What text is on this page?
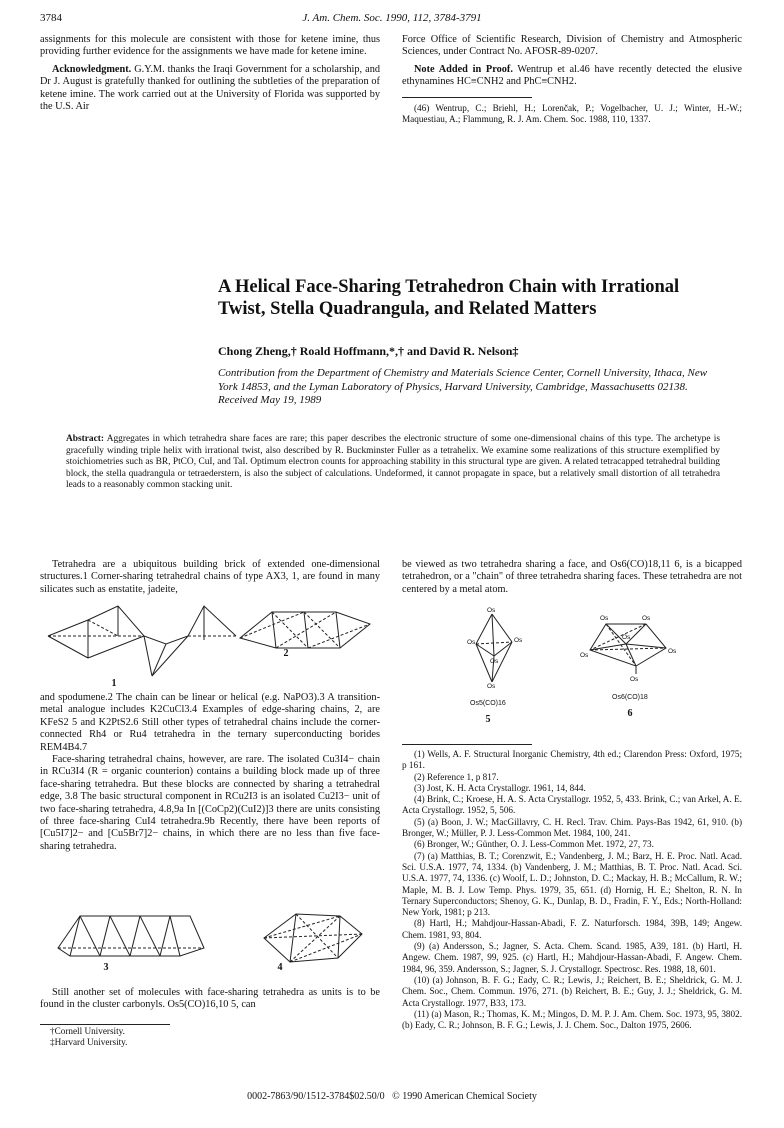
3784	J. Am. Chem. Soc. 1990, 112, 3784-3791
assignments for this molecule are consistent with those for ketene imine, thus providing further evidence for the assignments we have made for ketene imine.
Acknowledgment. G.Y.M. thanks the Iraqi Government for a scholarship, and Dr J. August is gratefully thanked for outlining the subtleties of the preparation of ketene imine. The work carried out at the University of Florida was supported by the U.S. Air
Force Office of Scientific Research, Division of Chemistry and Atmospheric Sciences, under Contract No. AFOSR-89-0207.
Note Added in Proof. Wentrup et al.46 have recently detected the elusive ethynamines HC≡CNH2 and PhC≡CNH2.
(46) Wentrup, C.; Briehl, H.; Lorenčak, P.; Vogelbacher, U. J.; Winter, H.-W.; Maquestiau, A.; Flammung, R. J. Am. Chem. Soc. 1988, 110, 1337.
A Helical Face-Sharing Tetrahedron Chain with Irrational Twist, Stella Quadrangula, and Related Matters
Chong Zheng,† Roald Hoffmann,*,† and David R. Nelson‡
Contribution from the Department of Chemistry and Materials Science Center, Cornell University, Ithaca, New York 14853, and the Lyman Laboratory of Physics, Harvard University, Cambridge, Massachusetts 02138. Received May 19, 1989
Abstract: Aggregates in which tetrahedra share faces are rare; this paper describes the electronic structure of some one-dimensional chains of this type. The archetype is gracefully winding triple helix with irrational twist, also described by R. Buckminster Fuller as a tetrahelix. We examine some realizations of this structure exemplified by stoichiometries such as BR, PtCO, CuI, and TaI. Optimum electron counts for approaching stability in this structural type are given. A related tetracapped tetrahedral building block, the stella quadrangula or tetraederstern, is also the subject of calculations. Undeformed, it cannot propagate in space, but a relatively small distortion of all tetrahedra leads to a reasonably common stacking unit.
Tetrahedra are a ubiquitous building brick of extended one-dimensional structures.1 Corner-sharing tetrahedral chains of type AX3, 1, are found in many silicates such as enstatite, jadeite,
1
2
and spodumene.2 The chain can be linear or helical (e.g. NaPO3).3 A transition-metal analogue includes K2CuCl3.4 Examples of edge-sharing chains, 2, are KFeS2 5 and K2PtS2.6 Still other types of tetrahedral chains include the corner-connected Rh4 or Ru4 tetrahedra in the ternary superconducting borides REM4B4.7
Face-sharing tetrahedral chains, however, are rare. The isolated Cu3I4− chain in RCu3I4 (R = organic counterion) contains a building block made up of three face-sharing tetrahedra. But these blocks are connected by sharing a tetrahedral edge, 3.8 The basic structural component in RCu2I3 is an isolated Cu2I3− unit of two face-sharing tetrahedra, 4.8,9a In [(CoCp2)(CuI2)]3 there are units consisting of three face-sharing CuI4 tetrahedra.9b Recently, there have been reports of [Cu5I7]2− and [Cu5Br7]2− chains, in which there are no less than five face-sharing tetrahedra.
3	4
Still another set of molecules with face-sharing tetrahedra as units is to be found in the cluster carbonyls. Os5(CO)16,10 5, can
†Cornell University.
‡Harvard University.
be viewed as two tetrahedra sharing a face, and Os6(CO)18,11 6, is a bicapped tetrahedron, or a "chain" of three tetrahedra sharing faces. These tetrahedra are not centered by a metal atom.
Os
Os	Os
Os
Os
Os5(CO)16
5
Os	Os
Os
Os
Os
Os
Os6(CO)18
6
(1) Wells, A. F. Structural Inorganic Chemistry, 4th ed.; Clarendon Press: Oxford, 1975; p 161.
(2) Reference 1, p 817.
(3) Jost, K. H. Acta Crystallogr. 1961, 14, 844.
(4) Brink, C.; Kroese, H. A. S. Acta Crystallogr. 1952, 5, 433. Brink, C.; van Arkel, A. E. Acta Crystallogr. 1952, 5, 506.
(5) (a) Boon, J. W.; MacGillavry, C. H. Recl. Trav. Chim. Pays-Bas 1942, 61, 910. (b) Bronger, W.; Müller, P. J. Less-Common Met. 1984, 100, 241.
(6) Bronger, W.; Günther, O. J. Less-Common Met. 1972, 27, 73.
(7) (a) Matthias, B. T.; Corenzwit, E.; Vandenberg, J. M.; Barz, H. E. Proc. Natl. Acad. Sci. U.S.A. 1977, 74, 1334. (b) Vandenberg, J. M.; Matthias, B. T. Proc. Natl. Acad. Sci. U.S.A. 1977, 74, 1336. (c) Woolf, L. D.; Johnston, D. C.; Mackay, H. B.; McCallum, R. W.; Maple, M. B. J. Low Temp. Phys. 1979, 35, 651. (d) Hornig, H. E.; Shelton, R. N. In Ternary Superconductors; Shenoy, G. K., Dunlap, B. D., Fradin, F. Y., Eds.; North-Holland: New York, 1981; p 213.
(8) Hartl, H.; Mahdjour-Hassan-Abadi, F. Z. Naturforsch. 1984, 39B, 149; Angew. Chem. 1981, 93, 804.
(9) (a) Andersson, S.; Jagner, S. Acta. Chem. Scand. 1985, A39, 181. (b) Hartl, H. Angew. Chem. 1987, 99, 925. (c) Hartl, H.; Mahdjour-Hassan-Abadi, F. Angew. Chem. 1984, 96, 359. Andersson, S.; Jagner, S. J. Crystallogr. Spectrosc. Res. 1988, 18, 601.
(10) (a) Johnson, B. F. G.; Eady, C. R.; Lewis, J.; Reichert, B. E.; Sheldrick, G. M. J. Chem. Soc., Chem. Commun. 1976, 271. (b) Reichert, B. E.; Guy, J. J.; Sheldrick, G. M. Acta Crystallogr. 1977, B33, 173.
(11) (a) Mason, R.; Thomas, K. M.; Mingos, D. M. P. J. Am. Chem. Soc. 1973, 95, 3802. (b) Eady, C. R.; Johnson, B. F. G.; Lewis, J. J. Chem. Soc., Dalton 1975, 2606.
0002-7863/90/1512-3784$02.50/0 © 1990 American Chemical Society
